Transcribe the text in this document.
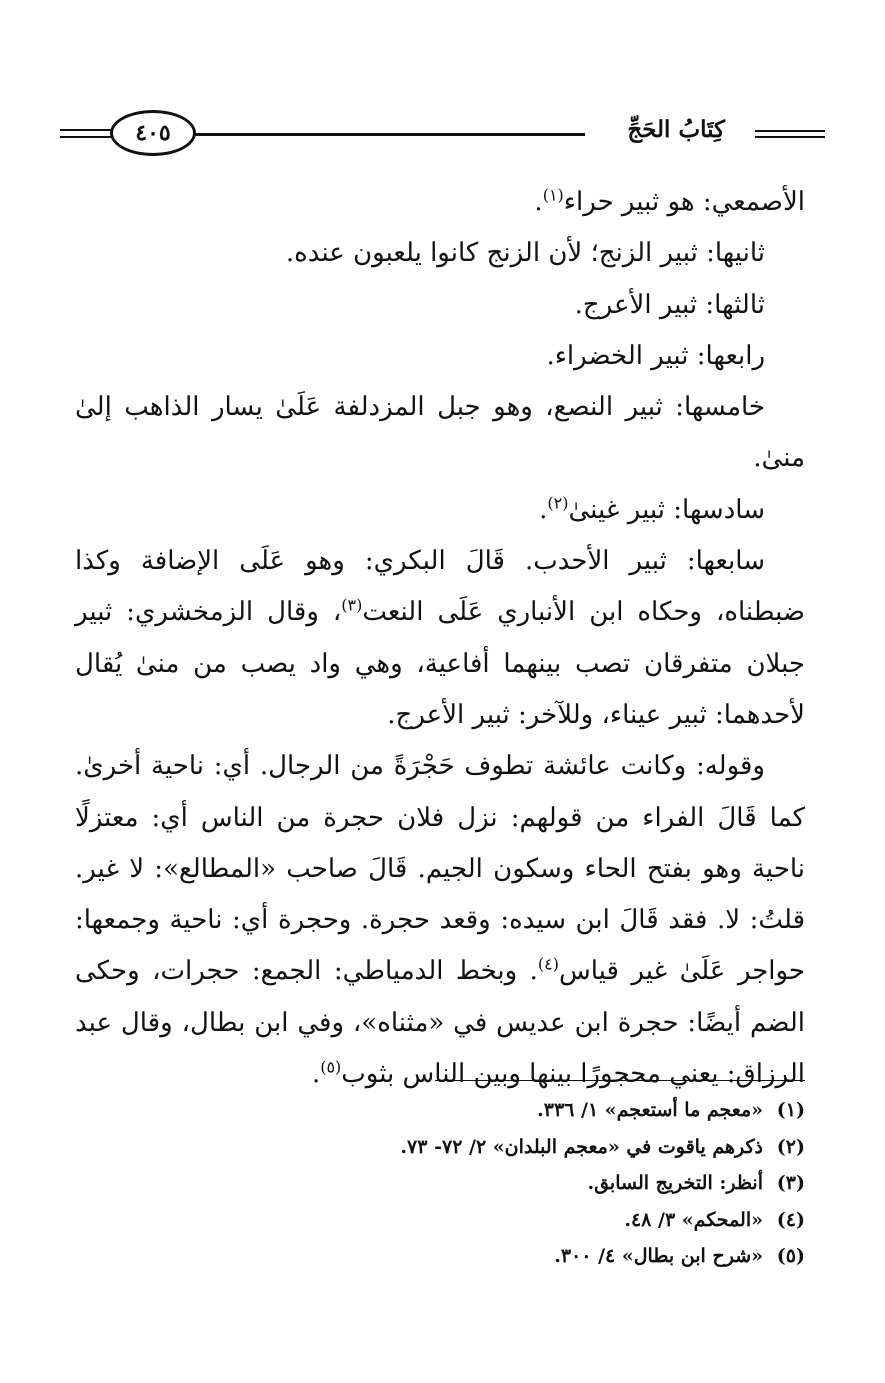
كِتَابُ الحَجِّ
٤٠٥

الأصمعي: هو ثبير حراء$^{(١)}$.

ثانيها: ثبير الزنج؛ لأن الزنج كانوا يلعبون عنده.

ثالثها: ثبير الأعرج.

رابعها: ثبير الخضراء.

خامسها: ثبير النصع، وهو جبل المزدلفة عَلَىٰ يسار الذاهب إلىٰ منىٰ.

سادسها: ثبير غينىٰ$^{(٢)}$.

سابعها: ثبير الأحدب. قَالَ البكري: وهو عَلَى الإضافة وكذا ضبطناه، وحكاه ابن الأنباري عَلَى النعت$^{(٣)}$، وقال الزمخشري: ثبير جبلان متفرقان تصب بينهما أفاعية، وهي واد يصب من منىٰ يُقال لأحدهما: ثبير عيناء، وللآخر: ثبير الأعرج.

وقوله: وكانت عائشة تطوف حَجْرَةً من الرجال. أي: ناحية أخرىٰ. كما قَالَ الفراء من قولهم: نزل فلان حجرة من الناس أي: معتزلًا ناحية وهو بفتح الحاء وسكون الجيم. قَالَ صاحب «المطالع»: لا غير. قلتُ: لا. فقد قَالَ ابن سيده: وقعد حجرة. وحجرة أي: ناحية وجمعها: حواجر عَلَىٰ غير قياس$^{(٤)}$. وبخط الدمياطي: الجمع: حجرات، وحكى الضم أيضًا: حجرة ابن عديس في «مثناه»، وفي ابن بطال، وقال عبد الرزاق: يعني محجورًا بينها وبين الناس بثوب$^{(٥)}$.

(١)
«معجم ما أستعجم» ١/ ٣٣٦.
(٢)
ذكرهم ياقوت في «معجم البلدان» ٢/ ٧٢- ٧٣.
(٣)
أنظر: التخريج السابق.
(٤)
«المحكم» ٣/ ٤٨.
(٥)
«شرح ابن بطال» ٤/ ٣٠٠.
